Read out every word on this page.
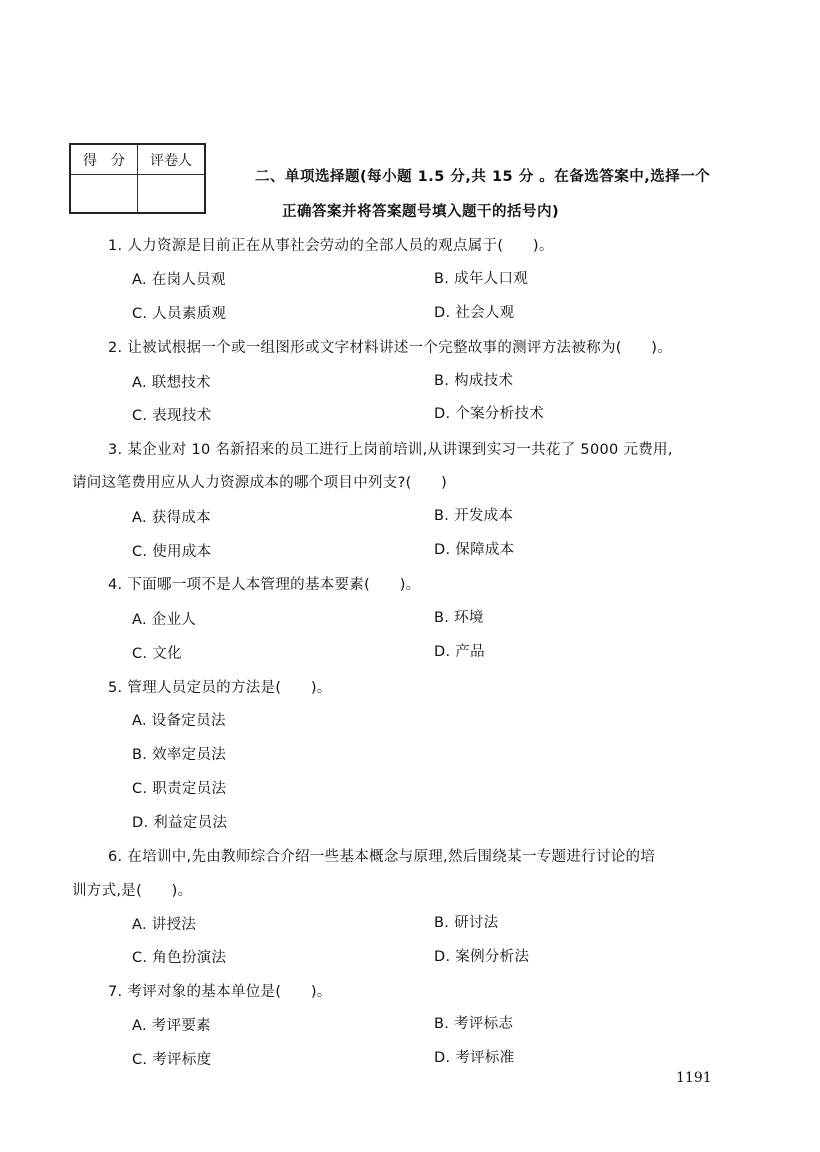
得　分	评卷人

二、单项选择题(每小题 1.5 分,共 15 分 。在备选答案中,选择一个
正确答案并将答案题号填入题干的括号内)
1. 人力资源是目前正在从事社会劳动的全部人员的观点属于(　　)。
A. 在岗人员观	B. 成年人口观
C. 人员素质观	D. 社会人观
2. 让被试根据一个或一组图形或文字材料讲述一个完整故事的测评方法被称为(　　)。
A. 联想技术	B. 构成技术
C. 表现技术	D. 个案分析技术
3. 某企业对 10 名新招来的员工进行上岗前培训,从讲课到实习一共花了 5000 元费用,
请问这笔费用应从人力资源成本的哪个项目中列支?(　　)
A. 获得成本	B. 开发成本
C. 使用成本	D. 保障成本
4. 下面哪一项不是人本管理的基本要素(　　)。
A. 企业人	B. 环境
C. 文化	D. 产品
5. 管理人员定员的方法是(　　)。
A. 设备定员法
B. 效率定员法
C. 职责定员法
D. 利益定员法
6. 在培训中,先由教师综合介绍一些基本概念与原理,然后围绕某一专题进行讨论的培
训方式,是(　　)。
A. 讲授法	B. 研讨法
C. 角色扮演法	D. 案例分析法
7. 考评对象的基本单位是(　　)。
A. 考评要素	B. 考评标志
C. 考评标度	D. 考评标准
1191
